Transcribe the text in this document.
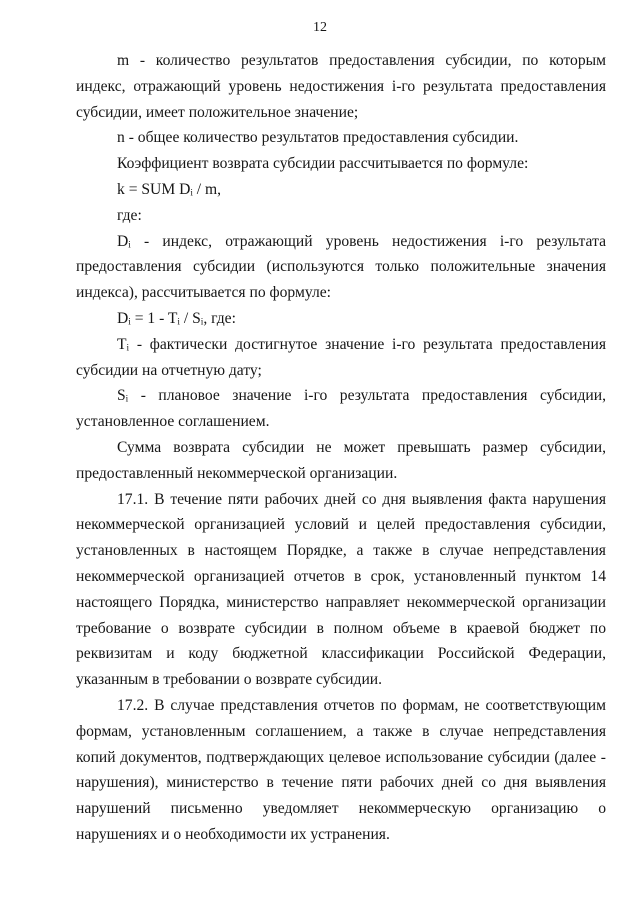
12

m - количество результатов предоставления субсидии, по которым индекс, отражающий уровень недостижения i-го результата предоставления субсидии, имеет положительное значение;

n - общее количество результатов предоставления субсидии.

Коэффициент возврата субсидии рассчитывается по формуле:

k = SUM Dᵢ / m,

где:

Dᵢ - индекс, отражающий уровень недостижения i-го результата предоставления субсидии (используются только положительные значения индекса), рассчитывается по формуле:

Dᵢ = 1 - Tᵢ / Sᵢ, где:

Tᵢ - фактически достигнутое значение i-го результата предоставления субсидии на отчетную дату;

Sᵢ - плановое значение i-го результата предоставления субсидии, установленное соглашением.

Сумма возврата субсидии не может превышать размер субсидии, предоставленный некоммерческой организации.

17.1. В течение пяти рабочих дней со дня выявления факта нарушения некоммерческой организацией условий и целей предоставления субсидии, установленных в настоящем Порядке, а также в случае непредставления некоммерческой организацией отчетов в срок, установленный пунктом 14 настоящего Порядка, министерство направляет некоммерческой организации требование о возврате субсидии в полном объеме в краевой бюджет по реквизитам и коду бюджетной классификации Российской Федерации, указанным в требовании о возврате субсидии.

17.2. В случае представления отчетов по формам, не соответствующим формам, установленным соглашением, а также в случае непредставления копий документов, подтверждающих целевое использование субсидии (далее - нарушения), министерство в течение пяти рабочих дней со дня выявления нарушений письменно уведомляет некоммерческую организацию о нарушениях и о необходимости их устранения.
